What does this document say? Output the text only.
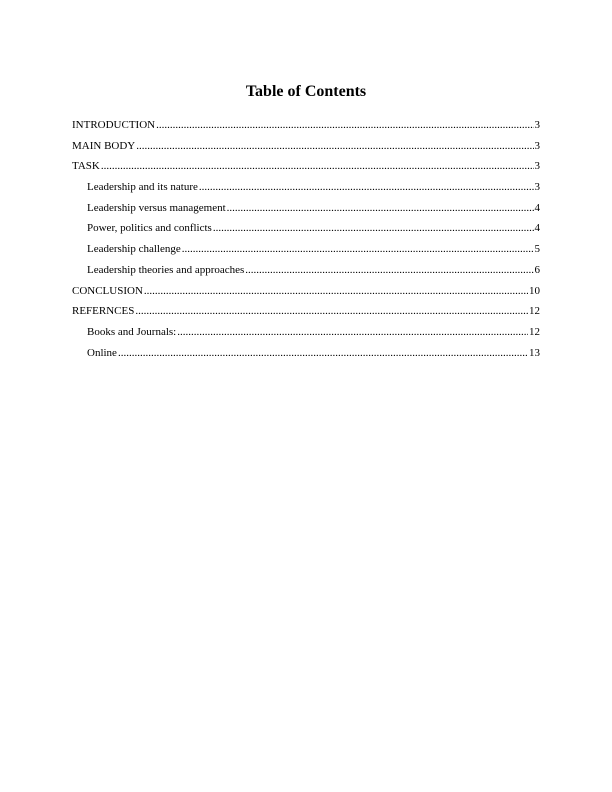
Table of Contents
INTRODUCTION .....	3
MAIN BODY .....	3
TASK .....	3
Leadership and its nature .....	3
Leadership versus management .....	4
Power, politics and conflicts .....	4
Leadership challenge .....	5
Leadership theories and approaches .....	6
CONCLUSION .....	10
REFERNCES .....	12
Books and Journals: .....	12
Online .....	13
